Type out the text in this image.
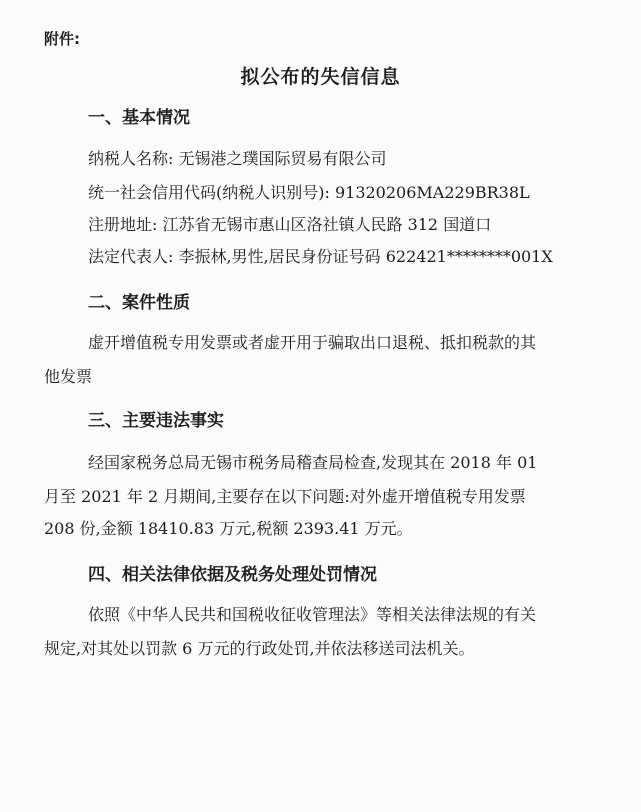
附件:
拟公布的失信信息
一、基本情况
纳税人名称: 无锡港之璞国际贸易有限公司
统一社会信用代码(纳税人识别号): 91320206MA229BR38L
注册地址: 江苏省无锡市惠山区洛社镇人民路 312 国道口
法定代表人: 李振林,男性,居民身份证号码 622421********001X
二、案件性质
虚开增值税专用发票或者虚开用于骗取出口退税、抵扣税款的其
他发票
三、主要违法事实
经国家税务总局无锡市税务局稽查局检查,发现其在 2018 年 01
月至 2021 年 2 月期间,主要存在以下问题:对外虚开增值税专用发票
208 份,金额 18410.83 万元,税额 2393.41 万元。
四、相关法律依据及税务处理处罚情况
依照《中华人民共和国税收征收管理法》等相关法律法规的有关
规定,对其处以罚款 6 万元的行政处罚,并依法移送司法机关。
